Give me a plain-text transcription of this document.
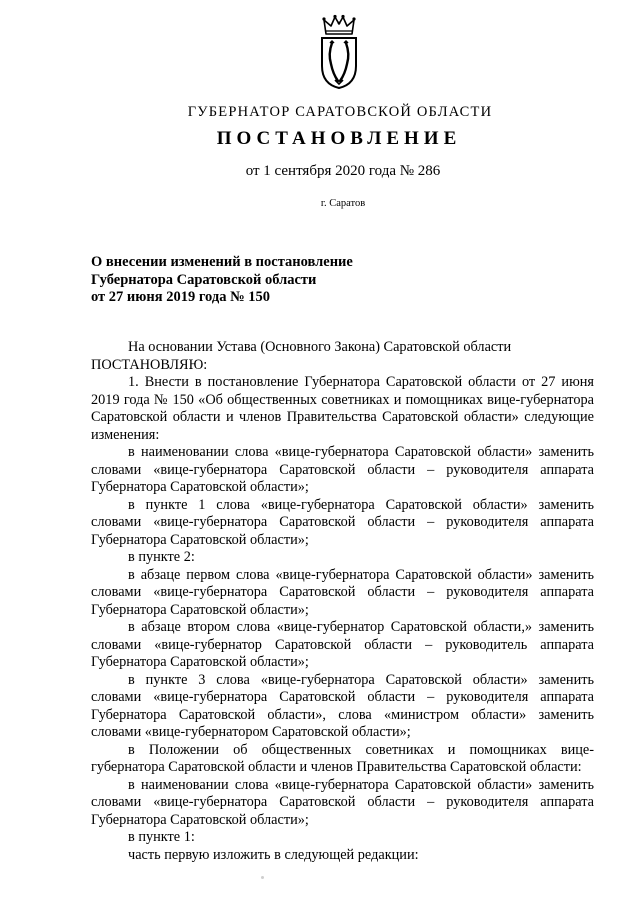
ГУБЕРНАТОР САРАТОВСКОЙ ОБЛАСТИ
ПОСТАНОВЛЕНИЕ
от 1 сентября 2020 года № 286
г. Саратов
О внесении изменений в постановление
Губернатора Саратовской области
от 27 июня 2019 года № 150

На основании Устава (Основного Закона) Саратовской области

ПОСТАНОВЛЯЮ:

1. Внести в постановление Губернатора Саратовской области от 27 июня 2019 года № 150 «Об общественных советниках и помощниках вице-губернатора Саратовской области и членов Правительства Саратовской области» следующие изменения:

в наименовании слова «вице-губернатора Саратовской области» заменить словами «вице-губернатора Саратовской области – руководителя аппарата Губернатора Саратовской области»;

в пункте 1 слова «вице-губернатора Саратовской области» заменить словами «вице-губернатора Саратовской области – руководителя аппарата Губернатора Саратовской области»;

в пункте 2:

в абзаце первом слова «вице-губернатора Саратовской области» заменить словами «вице-губернатора Саратовской области – руководителя аппарата Губернатора Саратовской области»;

в абзаце втором слова «вице-губернатор Саратовской области,» заменить словами «вице-губернатор Саратовской области – руководитель аппарата Губернатора Саратовской области»;

в пункте 3 слова «вице-губернатора Саратовской области» заменить словами «вице-губернатора Саратовской области – руководителя аппарата Губернатора Саратовской области», слова «министром области» заменить словами «вице-губернатором Саратовской области»;

в Положении об общественных советниках и помощниках вице-губернатора Саратовской области и членов Правительства Саратовской области:

в наименовании слова «вице-губернатора Саратовской области» заменить словами «вице-губернатора Саратовской области – руководителя аппарата Губернатора Саратовской области»;

в пункте 1:

часть первую изложить в следующей редакции:
